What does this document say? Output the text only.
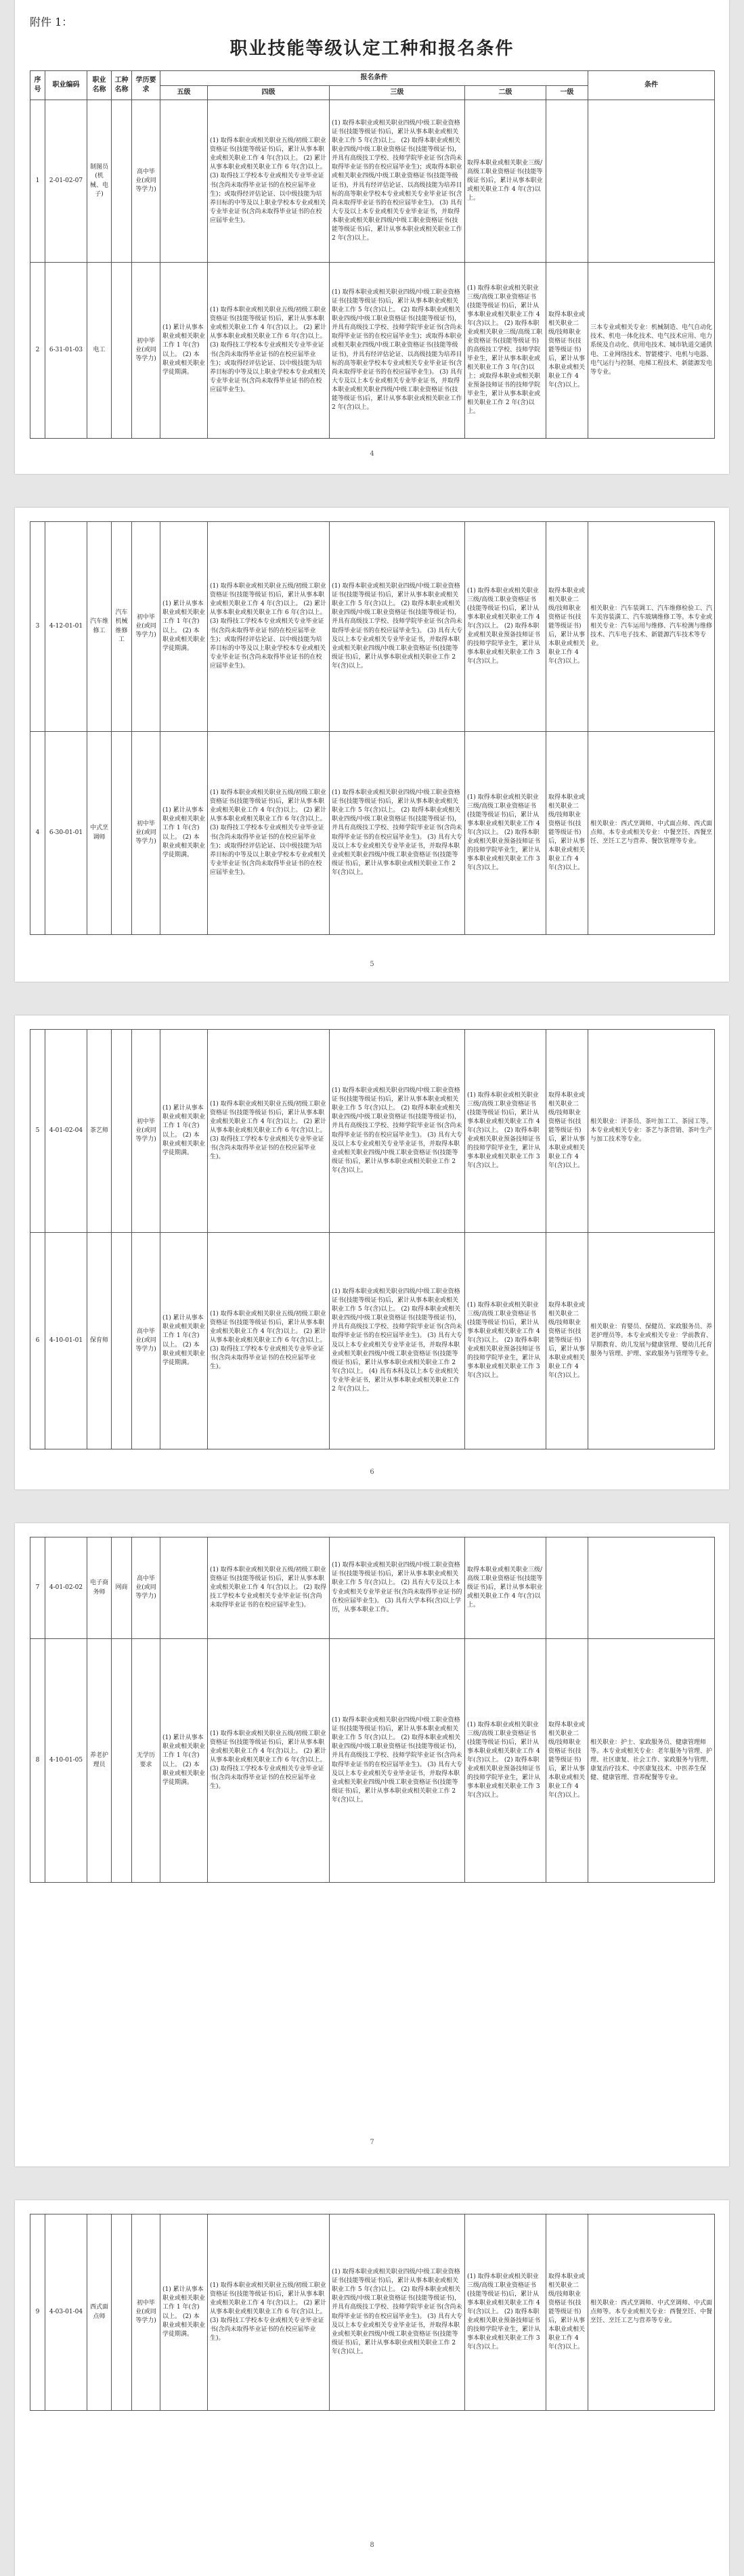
附件 1：
职业技能等级认定工种和报名条件
序号	职业编码	职业名称	工种名称	学历要求	报名条件					条件
					五级	四级	三级	二级	一级	
1	2-01-02-07	制图员(机械、电子)		高中毕业(或同等学力)		(1) 取得本职业或相关职业五级/初级工职业资格证书(技能等级证书)后，累计从事本职业或相关职业工作 4 年(含)以上。 (2) 累计从事本职业或相关职业工作 6 年(含)以上。 (3) 取得技工学校本专业或相关专业毕业证书(含尚未取得毕业证书的在校应届毕业生)；或取得经评估论证、以中级技能为培养目标的中等及以上职业学校本专业或相关专业毕业证书(含尚未取得毕业证书的在校应届毕业生)。	(1) 取得本职业或相关职业四级/中级工职业资格证书(技能等级证书)后，累计从事本职业或相关职业工作 5 年(含)以上。 (2) 取得本职业或相关职业四级/中级工职业资格证书(技能等级证书)，并具有高级技工学校、技师学院毕业证书(含尚未取得毕业证书的在校应届毕业生)；或取得本职业或相关职业四级/中级工职业资格证书(技能等级证书)，并具有经评估论证、以高级技能为培养目标的高等职业学校本专业或相关专业毕业证书(含尚未取得毕业证书的在校应届毕业生)。 (3) 具有大专及以上本专业或相关专业毕业证书，并取得本职业或相关职业四级/中级工职业资格证书(技能等级证书)后，累计从事本职业或相关职业工作 2 年(含)以上。	取得本职业或相关职业三级/高级工职业资格证书(技能等级证书)后，累计从事本职业或相关职业工作 4 年(含)以上。		
2	6-31-01-03	电工		初中毕业(或同等学力)	(1) 累计从事本职业或相关职业工作 1 年(含)以上。 (2) 本职业或相关职业学徒期满。	(1) 取得本职业或相关职业五级/初级工职业资格证书(技能等级证书)后，累计从事本职业或相关职业工作 4 年(含)以上。 (2) 累计从事本职业或相关职业工作 6 年(含)以上。 (3) 取得技工学校本专业或相关专业毕业证书(含尚未取得毕业证书的在校应届毕业生)；或取得经评估论证、以中级技能为培养目标的中等及以上职业学校本专业或相关专业毕业证书(含尚未取得毕业证书的在校应届毕业生)。	(1) 取得本职业或相关职业四级/中级工职业资格证书(技能等级证书)后，累计从事本职业或相关职业工作 5 年(含)以上。 (2) 取得本职业或相关职业四级/中级工职业资格证书(技能等级证书)，并具有高级技工学校、技师学院毕业证书(含尚未取得毕业证书的在校应届毕业生)；或取得本职业或相关职业四级/中级工职业资格证书(技能等级证书)，并具有经评估论证、以高级技能为培养目标的高等职业学校本专业或相关专业毕业证书(含尚未取得毕业证书的在校应届毕业生)。 (3) 具有大专及以上本专业或相关专业毕业证书，并取得本职业或相关职业四级/中级工职业资格证书(技能等级证书)后，累计从事本职业或相关职业工作 2 年(含)以上。	(1) 取得本职业或相关职业三级/高级工职业资格证书(技能等级证书)后，累计从事本职业或相关职业工作 4 年(含)以上。 (2) 取得本职业或相关职业三级/高级工职业资格证书(技能等级证书)的高级技工学校、技师学院毕业生，累计从事本职业或相关职业工作 3 年(含)以上；或取得本职业或相关职业预备技师证书的技师学院毕业生，累计从事本职业或相关职业工作 2 年(含)以上。	取得本职业或相关职业二级/技师职业资格证书(技能等级证书)后，累计从事本职业或相关职业工作 4 年(含)以上。	三本专业或相关专业：机械制造、电气自动化技术、机电一体化技术、电气技术应用、电力系统及自动化、供用电技术、城市轨道交通供电、工业网络技术、智能楼宇、电机与电器、电气运行与控制、电梯工程技术、新能源发电等专业。
4
3	4-12-01-01	汽车维修工	汽车机械维修工	初中毕业(或同等学力)	(1) 累计从事本职业或相关职业工作 1 年(含)以上。 (2) 本职业或相关职业学徒期满。	(1) 取得本职业或相关职业五级/初级工职业资格证书(技能等级证书)后，累计从事本职业或相关职业工作 4 年(含)以上。 (2) 累计从事本职业或相关职业工作 6 年(含)以上。 (3) 取得技工学校本专业或相关专业毕业证书(含尚未取得毕业证书的在校应届毕业生)；或取得经评估论证、以中级技能为培养目标的中等及以上职业学校本专业或相关专业毕业证书(含尚未取得毕业证书的在校应届毕业生)。	(1) 取得本职业或相关职业四级/中级工职业资格证书(技能等级证书)后，累计从事本职业或相关职业工作 5 年(含)以上。 (2) 取得本职业或相关职业四级/中级工职业资格证书(技能等级证书)，并具有高级技工学校、技师学院毕业证书(含尚未取得毕业证书的在校应届毕业生)。 (3) 具有大专及以上本专业或相关专业毕业证书，并取得本职业或相关职业四级/中级工职业资格证书(技能等级证书)后，累计从事本职业或相关职业工作 2 年(含)以上。	(1) 取得本职业或相关职业三级/高级工职业资格证书(技能等级证书)后，累计从事本职业或相关职业工作 4 年(含)以上。 (2) 取得本职业或相关职业预备技师证书的技师学院毕业生，累计从事本职业或相关职业工作 3 年(含)以上。	取得本职业或相关职业二级/技师职业资格证书(技能等级证书)后，累计从事本职业或相关职业工作 4 年(含)以上。	相关职业：汽车装调工、汽车维修检验工、汽车美容装潢工、汽车玻璃维修工等。本专业或相关专业：汽车运用与维修、汽车检测与维修技术、汽车电子技术、新能源汽车技术等专业。
4	6-30-01-01	中式烹调师		初中毕业(或同等学力)	(1) 累计从事本职业或相关职业工作 1 年(含)以上。 (2) 本职业或相关职业学徒期满。	(1) 取得本职业或相关职业五级/初级工职业资格证书(技能等级证书)后，累计从事本职业或相关职业工作 4 年(含)以上。 (2) 累计从事本职业或相关职业工作 6 年(含)以上。 (3) 取得技工学校本专业或相关专业毕业证书(含尚未取得毕业证书的在校应届毕业生)；或取得经评估论证、以中级技能为培养目标的中等及以上职业学校本专业或相关专业毕业证书(含尚未取得毕业证书的在校应届毕业生)。	(1) 取得本职业或相关职业四级/中级工职业资格证书(技能等级证书)后，累计从事本职业或相关职业工作 5 年(含)以上。 (2) 取得本职业或相关职业四级/中级工职业资格证书(技能等级证书)，并具有高级技工学校、技师学院毕业证书(含尚未取得毕业证书的在校应届毕业生)。 (3) 具有大专及以上本专业或相关专业毕业证书，并取得本职业或相关职业四级/中级工职业资格证书(技能等级证书)后，累计从事本职业或相关职业工作 2 年(含)以上。	(1) 取得本职业或相关职业三级/高级工职业资格证书(技能等级证书)后，累计从事本职业或相关职业工作 4 年(含)以上。 (2) 取得本职业或相关职业预备技师证书的技师学院毕业生，累计从事本职业或相关职业工作 3 年(含)以上。	取得本职业或相关职业二级/技师职业资格证书(技能等级证书)后，累计从事本职业或相关职业工作 4 年(含)以上。	相关职业：西式烹调师、中式面点师、西式面点师。本专业或相关专业：中餐烹饪、西餐烹饪、烹饪工艺与营养、餐饮管理等专业。
5
5	4-01-02-04	茶艺师		初中毕业(或同等学力)	(1) 累计从事本职业或相关职业工作 1 年(含)以上。 (2) 本职业或相关职业学徒期满。	(1) 取得本职业或相关职业五级/初级工职业资格证书(技能等级证书)后，累计从事本职业或相关职业工作 4 年(含)以上。 (2) 累计从事本职业或相关职业工作 6 年(含)以上。 (3) 取得技工学校本专业或相关专业毕业证书(含尚未取得毕业证书的在校应届毕业生)。	(1) 取得本职业或相关职业四级/中级工职业资格证书(技能等级证书)后，累计从事本职业或相关职业工作 5 年(含)以上。 (2) 取得本职业或相关职业四级/中级工职业资格证书(技能等级证书)，并具有高级技工学校、技师学院毕业证书(含尚未取得毕业证书的在校应届毕业生)。 (3) 具有大专及以上本专业或相关专业毕业证书，并取得本职业或相关职业四级/中级工职业资格证书(技能等级证书)后，累计从事本职业或相关职业工作 2 年(含)以上。	(1) 取得本职业或相关职业三级/高级工职业资格证书(技能等级证书)后，累计从事本职业或相关职业工作 4 年(含)以上。 (2) 取得本职业或相关职业预备技师证书的技师学院毕业生，累计从事本职业或相关职业工作 3 年(含)以上。	取得本职业或相关职业二级/技师职业资格证书(技能等级证书)后，累计从事本职业或相关职业工作 4 年(含)以上。	相关职业：评茶员、茶叶加工工、茶园工等。本专业或相关专业：茶艺与茶营销、茶叶生产与加工技术等专业。
6	4-10-01-01	保育师		高中毕业(或同等学力)	(1) 累计从事本职业或相关职业工作 1 年(含)以上。 (2) 本职业或相关职业学徒期满。	(1) 取得本职业或相关职业五级/初级工职业资格证书(技能等级证书)后，累计从事本职业或相关职业工作 4 年(含)以上。 (2) 累计从事本职业或相关职业工作 6 年(含)以上。 (3) 取得技工学校本专业或相关专业毕业证书(含尚未取得毕业证书的在校应届毕业生)。	(1) 取得本职业或相关职业四级/中级工职业资格证书(技能等级证书)后，累计从事本职业或相关职业工作 5 年(含)以上。 (2) 取得本职业或相关职业四级/中级工职业资格证书(技能等级证书)，并具有高级技工学校、技师学院毕业证书(含尚未取得毕业证书的在校应届毕业生)。 (3) 具有大专及以上本专业或相关专业毕业证书，并取得本职业或相关职业四级/中级工职业资格证书(技能等级证书)后，累计从事本职业或相关职业工作 2 年(含)以上。 (4) 具有本科及以上本专业或相关专业毕业证书，累计从事本职业或相关职业工作 2 年(含)以上。	(1) 取得本职业或相关职业三级/高级工职业资格证书(技能等级证书)后，累计从事本职业或相关职业工作 4 年(含)以上。 (2) 取得本职业或相关职业预备技师证书的技师学院毕业生，累计从事本职业或相关职业工作 3 年(含)以上。	取得本职业或相关职业二级/技师职业资格证书(技能等级证书)后，累计从事本职业或相关职业工作 4 年(含)以上。	相关职业：育婴员、保健员、家政服务员、养老护理员等。本专业或相关专业：学前教育、早期教育、幼儿发展与健康管理、婴幼儿托育服务与管理、护理、家政服务与管理等专业。
6
7	4-01-02-02	电子商务师	网商	高中毕业(或同等学力)		(1) 取得本职业或相关职业五级/初级工职业资格证书(技能等级证书)后，累计从事本职业或相关职业工作 4 年(含)以上。 (2) 取得技工学校本专业或相关专业毕业证书(含尚未取得毕业证书的在校应届毕业生)。	(1) 取得本职业或相关职业四级/中级工职业资格证书(技能等级证书)后，累计从事本职业或相关职业工作 5 年(含)以上。 (2) 具有大专及以上本专业或相关专业毕业证书(含尚未取得毕业证书的在校应届毕业生)。 (3) 具有大学本科(含)以上学历，从事本职业工作。	取得本职业或相关职业三级/高级工职业资格证书(技能等级证书)后，累计从事本职业或相关职业工作 4 年(含)以上。		
8	4-10-01-05	养老护理员		无学历要求	(1) 累计从事本职业或相关职业工作 1 年(含)以上。 (2) 本职业或相关职业学徒期满。	(1) 取得本职业或相关职业五级/初级工职业资格证书(技能等级证书)后，累计从事本职业或相关职业工作 4 年(含)以上。 (2) 累计从事本职业或相关职业工作 6 年(含)以上。 (3) 取得技工学校本专业或相关专业毕业证书(含尚未取得毕业证书的在校应届毕业生)。	(1) 取得本职业或相关职业四级/中级工职业资格证书(技能等级证书)后，累计从事本职业或相关职业工作 5 年(含)以上。 (2) 取得本职业或相关职业四级/中级工职业资格证书(技能等级证书)，并具有高级技工学校、技师学院毕业证书(含尚未取得毕业证书的在校应届毕业生)。 (3) 具有大专及以上本专业或相关专业毕业证书，并取得本职业或相关职业四级/中级工职业资格证书(技能等级证书)后，累计从事本职业或相关职业工作 2 年(含)以上。	(1) 取得本职业或相关职业三级/高级工职业资格证书(技能等级证书)后，累计从事本职业或相关职业工作 4 年(含)以上。 (2) 取得本职业或相关职业预备技师证书的技师学院毕业生，累计从事本职业或相关职业工作 3 年(含)以上。	取得本职业或相关职业二级/技师职业资格证书(技能等级证书)后，累计从事本职业或相关职业工作 4 年(含)以上。	相关职业：护士、家政服务员、健康管理师等。本专业或相关专业：老年服务与管理、护理、社区康复、社会工作、家政服务与管理、康复治疗技术、中医康复技术、中医养生保健、健康管理、营养配餐等专业。
7
9	4-03-01-04	西式面点师		初中毕业(或同等学力)	(1) 累计从事本职业或相关职业工作 1 年(含)以上。 (2) 本职业或相关职业学徒期满。	(1) 取得本职业或相关职业五级/初级工职业资格证书(技能等级证书)后，累计从事本职业或相关职业工作 4 年(含)以上。 (2) 累计从事本职业或相关职业工作 6 年(含)以上。 (3) 取得技工学校本专业或相关专业毕业证书(含尚未取得毕业证书的在校应届毕业生)。	(1) 取得本职业或相关职业四级/中级工职业资格证书(技能等级证书)后，累计从事本职业或相关职业工作 5 年(含)以上。 (2) 取得本职业或相关职业四级/中级工职业资格证书(技能等级证书)，并具有高级技工学校、技师学院毕业证书(含尚未取得毕业证书的在校应届毕业生)。 (3) 具有大专及以上本专业或相关专业毕业证书，并取得本职业或相关职业四级/中级工职业资格证书(技能等级证书)后，累计从事本职业或相关职业工作 2 年(含)以上。	(1) 取得本职业或相关职业三级/高级工职业资格证书(技能等级证书)后，累计从事本职业或相关职业工作 4 年(含)以上。 (2) 取得本职业或相关职业预备技师证书的技师学院毕业生，累计从事本职业或相关职业工作 3 年(含)以上。	取得本职业或相关职业二级/技师职业资格证书(技能等级证书)后，累计从事本职业或相关职业工作 4 年(含)以上。	相关职业：西式烹调师、中式烹调师、中式面点师等。本专业或相关专业：西餐烹饪、中餐烹饪、烹饪工艺与营养等专业。
8
